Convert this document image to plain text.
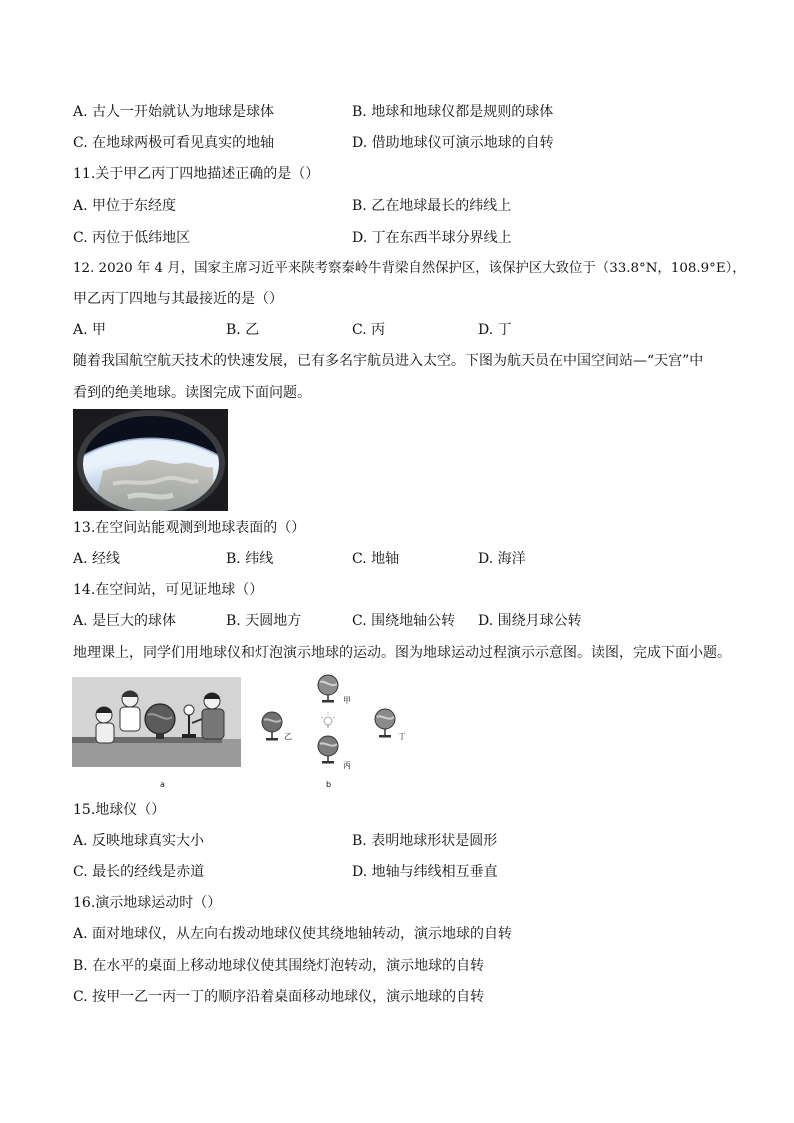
A. 古人一开始就认为地球是球体	B. 地球和地球仪都是规则的球体
C. 在地球两极可看见真实的地轴	D. 借助地球仪可演示地球的自转
11.关于甲乙丙丁四地描述正确的是（）
A. 甲位于东经度	B. 乙在地球最长的纬线上
C. 丙位于低纬地区	D. 丁在东西半球分界线上
12. 2020 年 4 月，国家主席习近平来陕考察秦岭牛背梁自然保护区，该保护区大致位于（33.8°N，108.9°E），
甲乙丙丁四地与其最接近的是（）
A. 甲	B. 乙	C. 丙	D. 丁
随着我国航空航天技术的快速发展，已有多名宇航员进入太空。下图为航天员在中国空间站—“天宫”中
看到的绝美地球。读图完成下面问题。
13.在空间站能观测到地球表面的（）
A. 经线	B. 纬线	C. 地轴	D. 海洋
14.在空间站，可见证地球（）
A. 是巨大的球体	B. 天圆地方	C. 围绕地轴公转 D. 围绕月球公转
地理课上，同学们用地球仪和灯泡演示地球的运动。图为地球运动过程演示示意图。读图，完成下面小题。
a
甲
乙
丙
丁
b
15.地球仪（）
A. 反映地球真实大小	B. 表明地球形状是圆形
C. 最长的经线是赤道	D. 地轴与纬线相互垂直
16.演示地球运动时（）
A. 面对地球仪，从左向右拨动地球仪使其绕地轴转动，演示地球的自转
B. 在水平的桌面上移动地球仪使其围绕灯泡转动，演示地球的自转
C. 按甲一乙一丙一丁的顺序沿着桌面移动地球仪，演示地球的自转
